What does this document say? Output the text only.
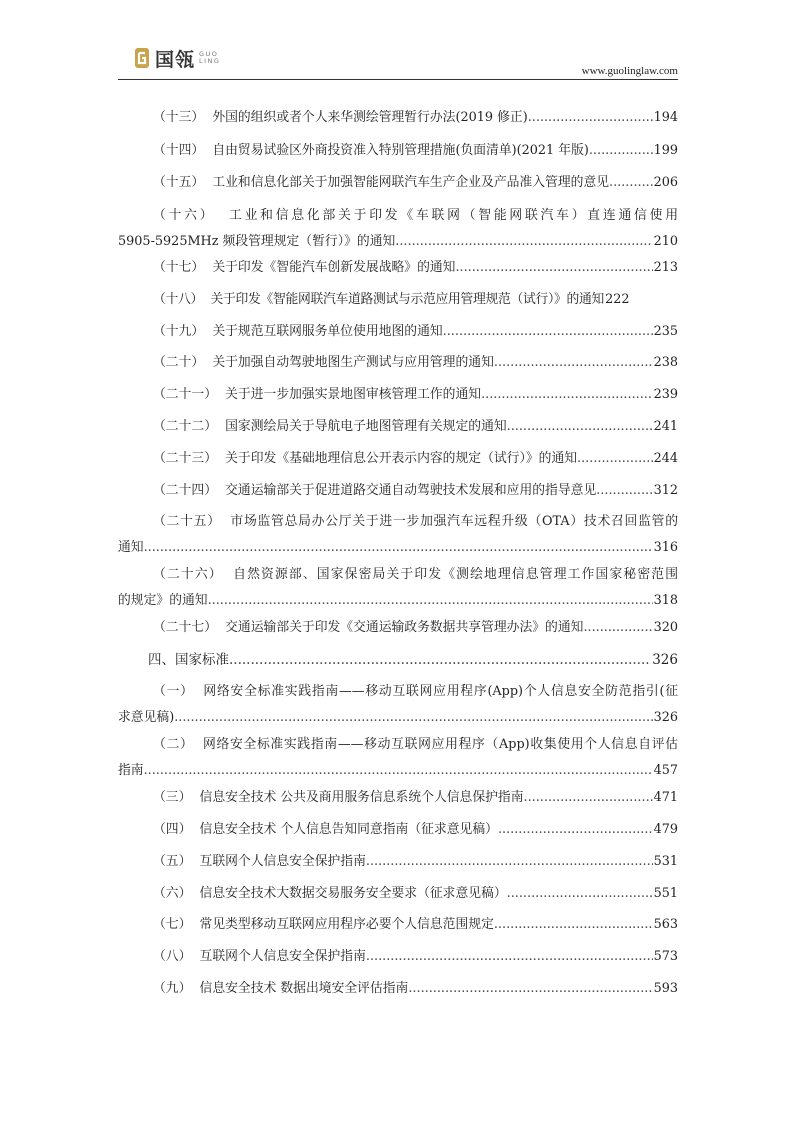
国瓴 GUO
LING
www.guolinglaw.com
（十三） 外国的组织或者个人来华测绘管理暂行办法(2019 修正) .....	194
（十四） 自由贸易试验区外商投资准入特别管理措施(负面清单)(2021 年版) .....	199
（十五） 工业和信息化部关于加强智能网联汽车生产企业及产品准入管理的意见 .....	206
（十六） 工业和信息化部关于印发《车联网（智能网联汽车）直连通信使用
5905-5925MHz 频段管理规定（暂行）》的通知 .....	210
（十七） 关于印发《智能汽车创新发展战略》的通知 .....	213
（十八） 关于印发《智能网联汽车道路测试与示范应用管理规范（试行）》的通知 222
（十九） 关于规范互联网服务单位使用地图的通知 .....	235
（二十） 关于加强自动驾驶地图生产测试与应用管理的通知 .....	238
（二十一） 关于进一步加强实景地图审核管理工作的通知 .....	239
（二十二） 国家测绘局关于导航电子地图管理有关规定的通知 .....	241
（二十三） 关于印发《基础地理信息公开表示内容的规定（试行）》的通知 .....	244
（二十四） 交通运输部关于促进道路交通自动驾驶技术发展和应用的指导意见 .....	312
（二十五） 市场监管总局办公厅关于进一步加强汽车远程升级（OTA）技术召回监管的
通知 .....	316
（二十六） 自然资源部、国家保密局关于印发《测绘地理信息管理工作国家秘密范围
的规定》的通知 .....	318
（二十七） 交通运输部关于印发《交通运输政务数据共享管理办法》的通知 .....	320
四、国家标准 .....	326
（一） 网络安全标准实践指南——移动互联网应用程序(App)个人信息安全防范指引(征
求意见稿) .....	326
（二） 网络安全标准实践指南——移动互联网应用程序（App)收集使用个人信息自评估
指南 .....	457
（三） 信息安全技术 公共及商用服务信息系统个人信息保护指南 .....	471
（四） 信息安全技术 个人信息告知同意指南（征求意见稿） .....	479
（五） 互联网个人信息安全保护指南 .....	531
（六） 信息安全技术大数据交易服务安全要求（征求意见稿） .....	551
（七） 常见类型移动互联网应用程序必要个人信息范围规定 .....	563
（八） 互联网个人信息安全保护指南 .....	573
（九） 信息安全技术 数据出境安全评估指南 .....	593
